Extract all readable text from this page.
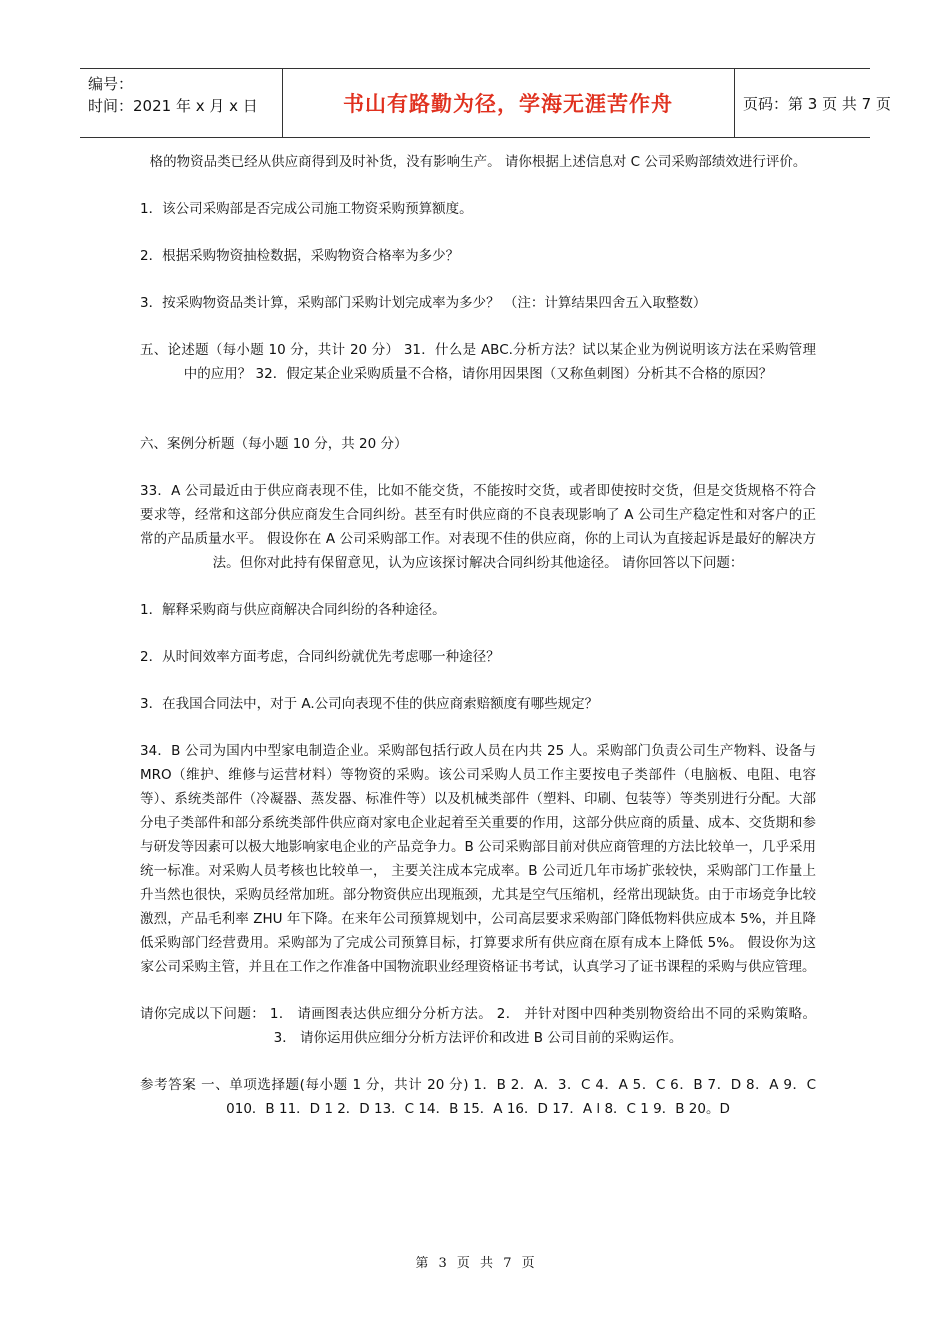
编号：
时间：2021 年 x 月 x 日	书山有路勤为径，学海无涯苦作舟	页码：第 3 页 共 7 页

格的物资品类已经从供应商得到及时补货，没有影响生产。 请你根据上述信息对 C 公司采购部绩效进行评价。

1．该公司采购部是否完成公司施工物资采购预算额度。

2．根据采购物资抽检数据，采购物资合格率为多少？

3．按采购物资品类计算，采购部门采购计划完成率为多少？ （注：计算结果四舍五入取整数）

五、论述题（每小题 10 分，共计 20 分） 31．什么是 ABC.分析方法？试以某企业为例说明该方法在采购管理中的应用？ 32．假定某企业采购质量不合格，请你用因果图（又称鱼刺图）分析其不合格的原因？

六、案例分析题（每小题 10 分，共 20 分）

33．A 公司最近由于供应商表现不佳，比如不能交货，不能按时交货，或者即使按时交货，但是交货规格不符合要求等，经常和这部分供应商发生合同纠纷。甚至有时供应商的不良表现影响了 A 公司生产稳定性和对客户的正常的产品质量水平。 假设你在 A 公司采购部工作。对表现不佳的供应商，你的上司认为直接起诉是最好的解决方法。但你对此持有保留意见，认为应该探讨解决合同纠纷其他途径。 请你回答以下问题：

1．解释采购商与供应商解决合同纠纷的各种途径。

2．从时间效率方面考虑，合同纠纷就优先考虑哪一种途径？

3．在我国合同法中，对于 A.公司向表现不佳的供应商索赔额度有哪些规定？

34．B 公司为国内中型家电制造企业。采购部包括行政人员在内共 25 人。采购部门负责公司生产物料、设备与 MRO（维护、维修与运营材料）等物资的采购。该公司采购人员工作主要按电子类部件（电脑板、电阻、电容等）、系统类部件（冷凝器、蒸发器、标准件等）以及机械类部件（塑料、印刷、包装等）等类别进行分配。大部分电子类部件和部分系统类部件供应商对家电企业起着至关重要的作用，这部分供应商的质量、成本、交货期和参与研发等因素可以极大地影响家电企业的产品竞争力。B 公司采购部目前对供应商管理的方法比较单一，几乎采用统一标准。对采购人员考核也比较单一， 主要关注成本完成率。B 公司近几年市场扩张较快，采购部门工作量上升当然也很快，采购员经常加班。部分物资供应出现瓶颈，尤其是空气压缩机，经常出现缺货。由于市场竞争比较激烈，产品毛利率 ZHU 年下降。在来年公司预算规划中，公司高层要求采购部门降低物料供应成本 5%，并且降低采购部门经营费用。采购部为了完成公司预算目标，打算要求所有供应商在原有成本上降低 5%。 假设你为这家公司采购主管，并且在工作之作准备中国物流职业经理资格证书考试，认真学习了证书课程的采购与供应管理。

请你完成以下问题： 1． 请画图表达供应细分分析方法。 2． 并针对图中四种类别物资给出不同的采购策略。 3． 请你运用供应细分分析方法评价和改进 B 公司目前的采购运作。

参考答案 一、单项选择题(每小题 1 分，共计 20 分) 1．B 2．A．3．C 4．A 5．C 6．B 7．D 8．A 9．C 010．B 11．D 1 2．D 13．C 14．B 15．A 16．D 17．A l 8．C 1 9．B 20。D

第 3 页 共 7 页
